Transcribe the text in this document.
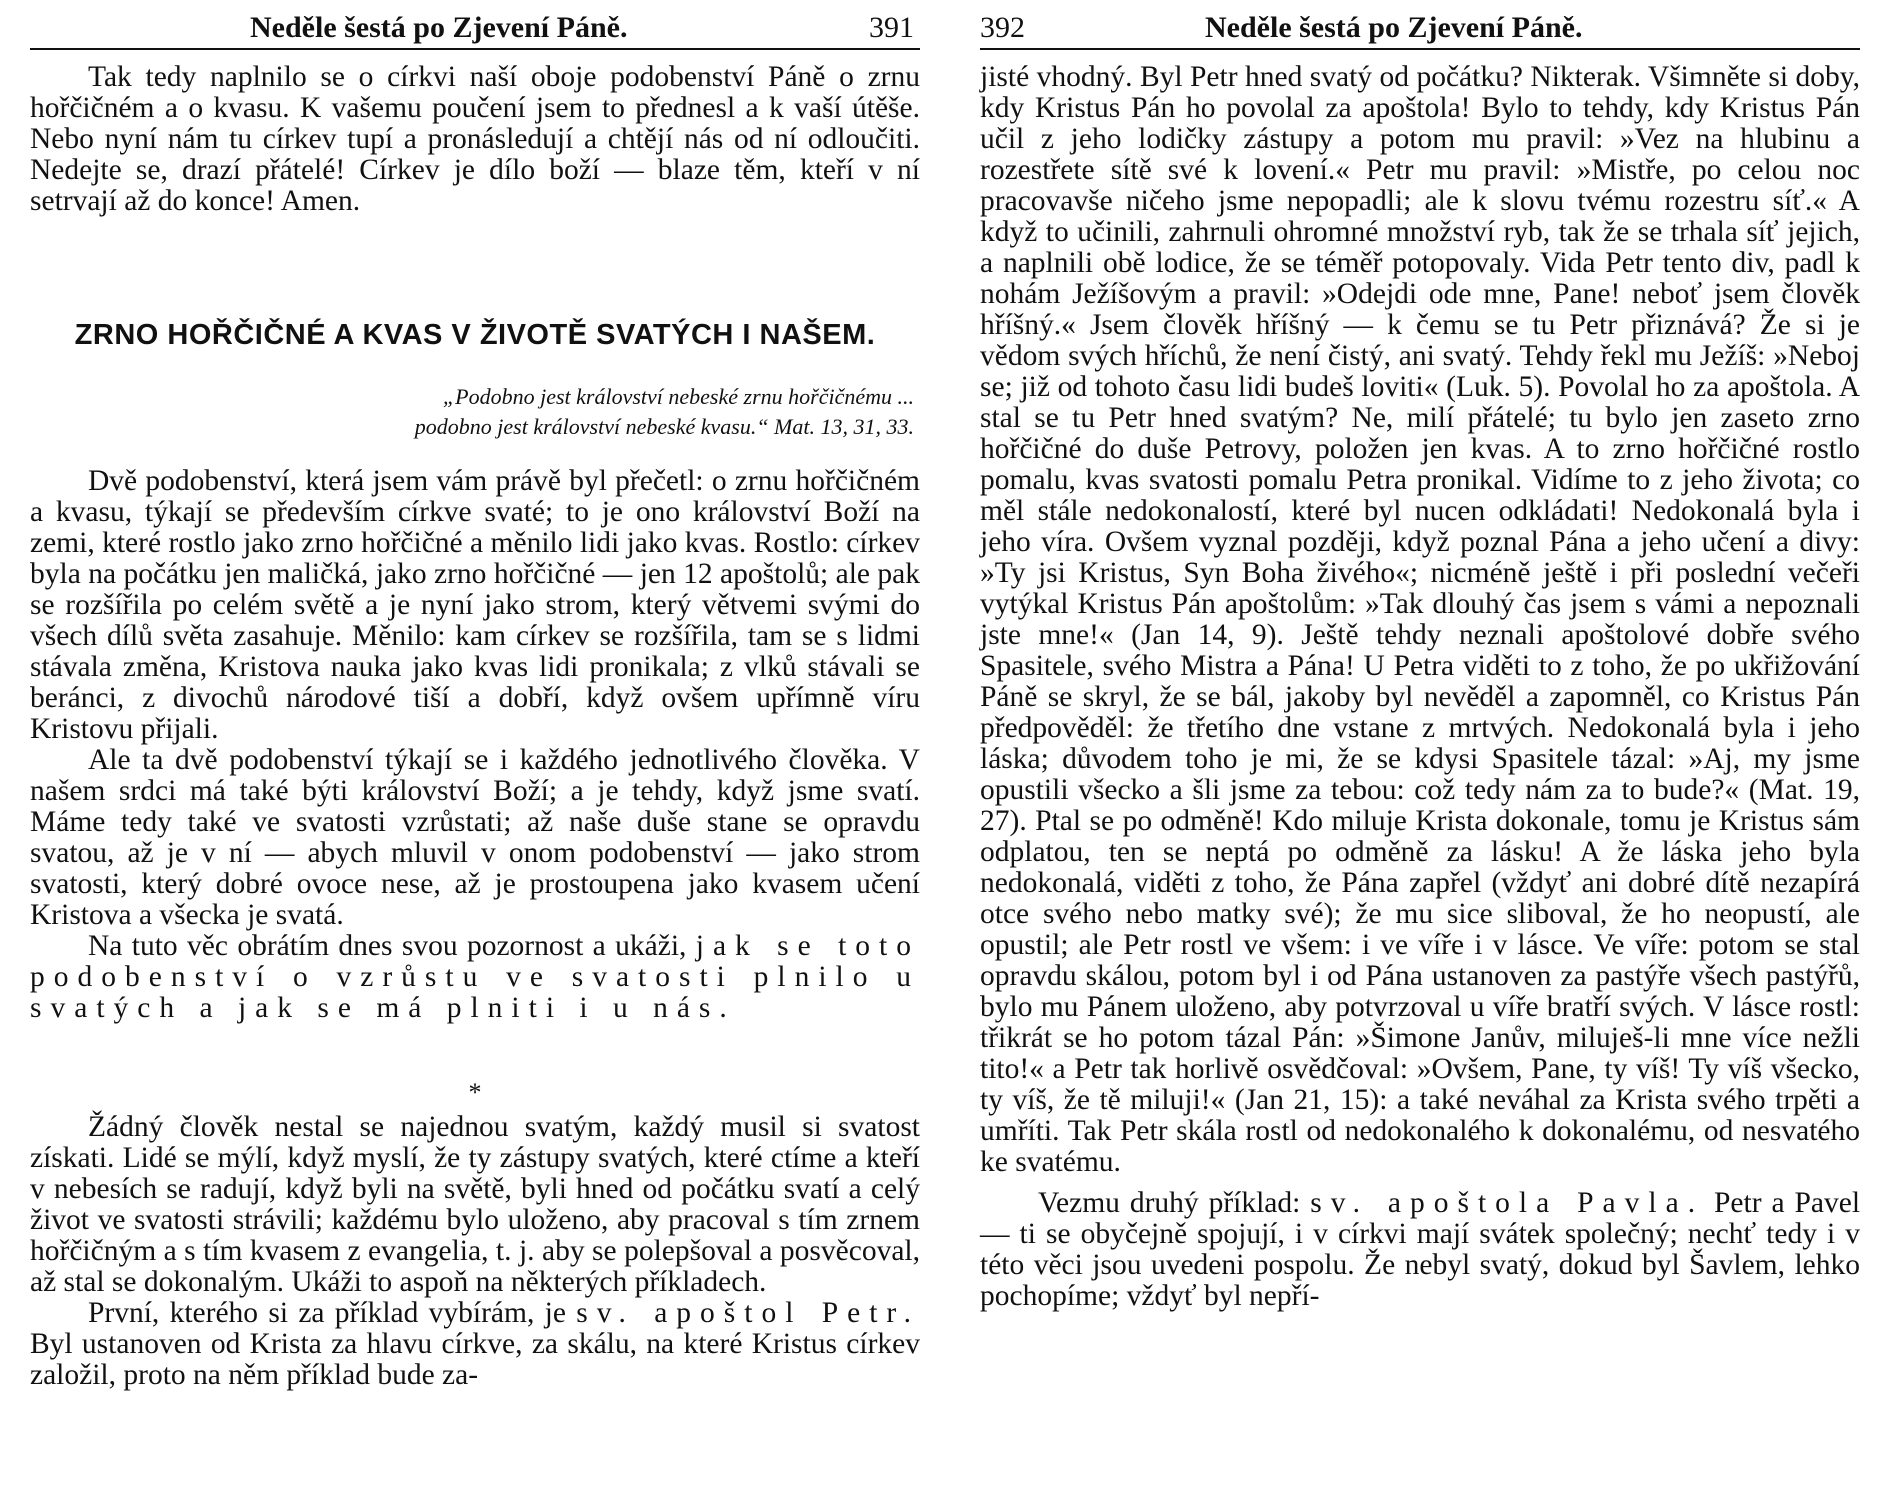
Neděle šestá po Zjevení Páně.	391

Tak tedy naplnilo se o církvi naší oboje podobenství Páně o zrnu hořčičném a o kvasu. K vašemu poučení jsem to přednesl a k vaší útěše. Nebo nyní nám tu církev tupí a pronásledují a chtějí nás od ní odloučiti. Nedejte se, drazí přátelé! Církev je dílo boží — blaze těm, kteří v ní setrvají až do konce! Amen.

ZRNO HOŘČIČNÉ A KVAS V ŽIVOTĚ SVATÝCH I NAŠEM.
„Podobno jest království nebeské zrnu hořčičnému ...
podobno jest království nebeské kvasu.“ Mat. 13, 31, 33.

Dvě podobenství, která jsem vám právě byl přečetl: o zrnu hořčičném a kvasu, týkají se především církve svaté; to je ono království Boží na zemi, které rostlo jako zrno hořčičné a měnilo lidi jako kvas. Rostlo: církev byla na počátku jen maličká, jako zrno hořčičné — jen 12 apoštolů; ale pak se rozšířila po celém světě a je nyní jako strom, který větvemi svými do všech dílů světa zasahuje. Měnilo: kam církev se rozšířila, tam se s lidmi stávala změna, Kristova nauka jako kvas lidi pronikala; z vlků stávali se beránci, z divochů národové tiší a dobří, když ovšem upřímně víru Kristovu přijali.

Ale ta dvě podobenství týkají se i každého jednotlivého člověka. V našem srdci má také býti království Boží; a je tehdy, když jsme svatí. Máme tedy také ve svatosti vzrůstati; až naše duše stane se opravdu svatou, až je v ní — abych mluvil v onom podobenství — jako strom svatosti, který dobré ovoce nese, až je prostoupena jako kvasem učení Kristova a všecka je svatá.

Na tuto věc obrátím dnes svou pozornost a ukáži, jak se toto podobenství o vzrůstu ve svatosti plnilo u svatých a jak se má plniti i u nás.

*

Žádný člověk nestal se najednou svatým, každý musil si svatost získati. Lidé se mýlí, když myslí, že ty zástupy svatých, které ctíme a kteří v nebesích se radují, když byli na světě, byli hned od počátku svatí a celý život ve svatosti strávili; každému bylo uloženo, aby pracoval s tím zrnem hořčičným a s tím kvasem z evangelia, t. j. aby se polepšoval a posvěcoval, až stal se dokonalým. Ukáži to aspoň na některých příkladech.

První, kterého si za příklad vybírám, je sv. apoštol Petr. Byl ustanoven od Krista za hlavu církve, za skálu, na které Kristus církev založil, proto na něm příklad bude za-

392	Neděle šestá po Zjevení Páně.

jisté vhodný. Byl Petr hned svatý od počátku? Nikterak. Všimněte si doby, kdy Kristus Pán ho povolal za apoštola! Bylo to tehdy, kdy Kristus Pán učil z jeho lodičky zástupy a potom mu pravil: »Vez na hlubinu a rozestřete sítě své k lovení.« Petr mu pravil: »Mistře, po celou noc pracovavše ničeho jsme nepopadli; ale k slovu tvému rozestru síť.« A když to učinili, zahrnuli ohromné množství ryb, tak že se trhala síť jejich, a naplnili obě lodice, že se téměř potopovaly. Vida Petr tento div, padl k nohám Ježíšovým a pravil: »Odejdi ode mne, Pane! neboť jsem člověk hříšný.« Jsem člověk hříšný — k čemu se tu Petr přiznává? Že si je vědom svých hříchů, že není čistý, ani svatý. Tehdy řekl mu Ježíš: »Neboj se; již od tohoto času lidi budeš loviti« (Luk. 5). Povolal ho za apoštola. A stal se tu Petr hned svatým? Ne, milí přátelé; tu bylo jen zaseto zrno hořčičné do duše Petrovy, položen jen kvas. A to zrno hořčičné rostlo pomalu, kvas svatosti pomalu Petra pronikal. Vidíme to z jeho života; co měl stále nedokonalostí, které byl nucen odkládati! Nedokonalá byla i jeho víra. Ovšem vyznal později, když poznal Pána a jeho učení a divy: »Ty jsi Kristus, Syn Boha živého«; nicméně ještě i při poslední večeři vytýkal Kristus Pán apoštolům: »Tak dlouhý čas jsem s vámi a nepoznali jste mne!« (Jan 14, 9). Ještě tehdy neznali apoštolové dobře svého Spasitele, svého Mistra a Pána! U Petra viděti to z toho, že po ukřižování Páně se skryl, že se bál, jakoby byl nevěděl a zapomněl, co Kristus Pán předpověděl: že třetího dne vstane z mrtvých. Nedokonalá byla i jeho láska; důvodem toho je mi, že se kdysi Spasitele tázal: »Aj, my jsme opustili všecko a šli jsme za tebou: což tedy nám za to bude?« (Mat. 19, 27). Ptal se po odměně! Kdo miluje Krista dokonale, tomu je Kristus sám odplatou, ten se neptá po odměně za lásku! A že láska jeho byla nedokonalá, viděti z toho, že Pána zapřel (vždyť ani dobré dítě nezapírá otce svého nebo matky své); že mu sice sliboval, že ho neopustí, ale opustil; ale Petr rostl ve všem: i ve víře i v lásce. Ve víře: potom se stal opravdu skálou, potom byl i od Pána ustanoven za pastýře všech pastýřů, bylo mu Pánem uloženo, aby potvrzoval u víře bratří svých. V lásce rostl: třikrát se ho potom tázal Pán: »Šimone Janův, miluješ-li mne více nežli tito!« a Petr tak horlivě osvědčoval: »Ovšem, Pane, ty víš! Ty víš všecko, ty víš, že tě miluji!« (Jan 21, 15): a také neváhal za Krista svého trpěti a umříti. Tak Petr skála rostl od nedokonalého k dokonalému, od nesvatého ke svatému.

Vezmu druhý příklad: sv. apoštola Pavla. Petr a Pavel — ti se obyčejně spojují, i v církvi mají svátek společný; nechť tedy i v této věci jsou uvedeni pospolu. Že nebyl svatý, dokud byl Šavlem, lehko pochopíme; vždyť byl nepří-
